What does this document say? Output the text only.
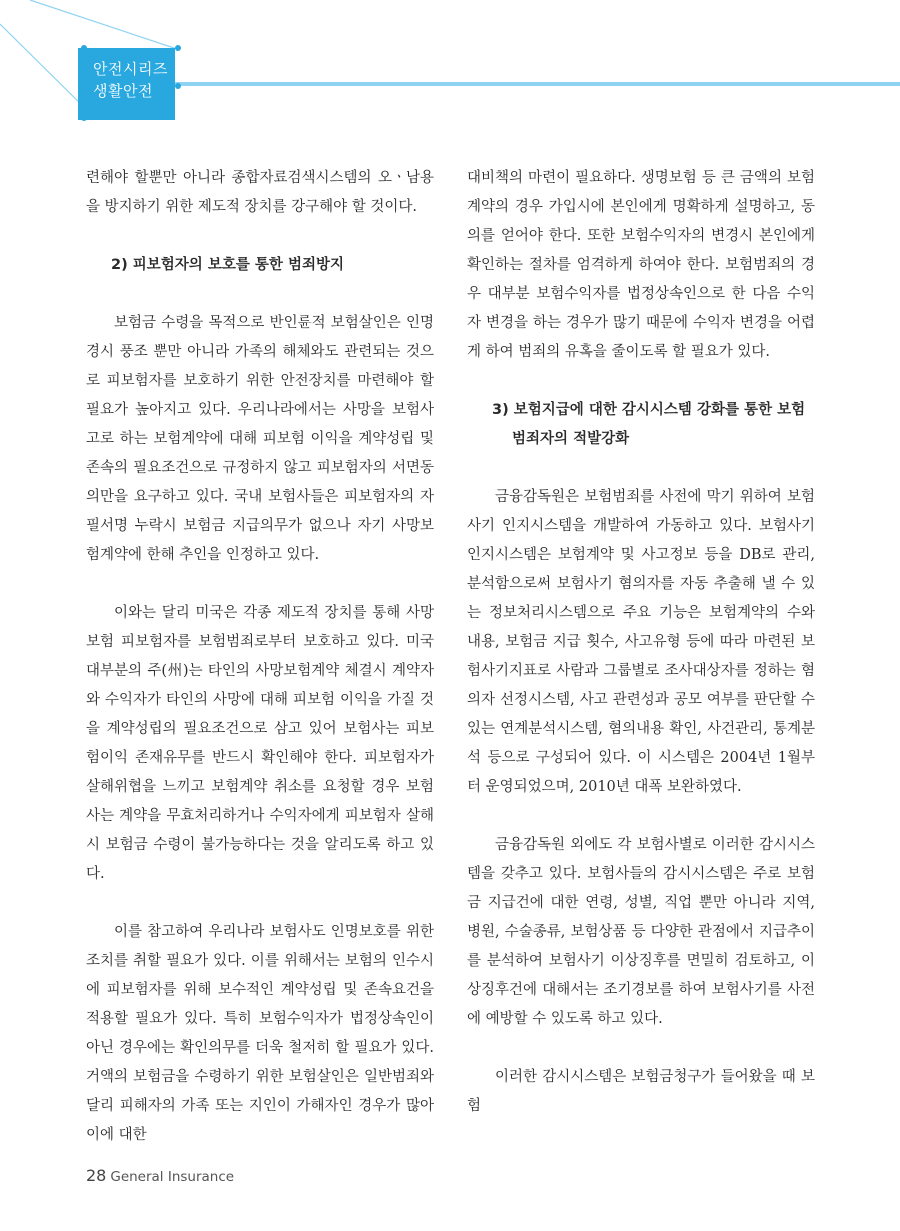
안전시리즈
생활안전

련해야 할뿐만 아니라 종합자료검색시스템의 오ㆍ남용을 방지하기 위한 제도적 장치를 강구해야 할 것이다.

2) 피보험자의 보호를 통한 범죄방지

보험금 수령을 목적으로 반인륜적 보험살인은 인명경시 풍조 뿐만 아니라 가족의 해체와도 관련되는 것으로 피보험자를 보호하기 위한 안전장치를 마련해야 할 필요가 높아지고 있다. 우리나라에서는 사망을 보험사고로 하는 보험계약에 대해 피보험 이익을 계약성립 및 존속의 필요조건으로 규정하지 않고 피보험자의 서면동의만을 요구하고 있다. 국내 보험사들은 피보험자의 자필서명 누락시 보험금 지급의무가 없으나 자기 사망보험계약에 한해 추인을 인정하고 있다.

이와는 달리 미국은 각종 제도적 장치를 통해 사망보험 피보험자를 보험범죄로부터 보호하고 있다. 미국 대부분의 주(州)는 타인의 사망보험계약 체결시 계약자와 수익자가 타인의 사망에 대해 피보험 이익을 가질 것을 계약성립의 필요조건으로 삼고 있어 보험사는 피보험이익 존재유무를 반드시 확인해야 한다. 피보험자가 살해위협을 느끼고 보험계약 취소를 요청할 경우 보험사는 계약을 무효처리하거나 수익자에게 피보험자 살해시 보험금 수령이 불가능하다는 것을 알리도록 하고 있다.

이를 참고하여 우리나라 보험사도 인명보호를 위한 조치를 취할 필요가 있다. 이를 위해서는 보험의 인수시에 피보험자를 위해 보수적인 계약성립 및 존속요건을 적용할 필요가 있다. 특히 보험수익자가 법정상속인이 아닌 경우에는 확인의무를 더욱 철저히 할 필요가 있다. 거액의 보험금을 수령하기 위한 보험살인은 일반범죄와 달리 피해자의 가족 또는 지인이 가해자인 경우가 많아 이에 대한

대비책의 마련이 필요하다. 생명보험 등 큰 금액의 보험계약의 경우 가입시에 본인에게 명확하게 설명하고, 동의를 얻어야 한다. 또한 보험수익자의 변경시 본인에게 확인하는 절차를 엄격하게 하여야 한다. 보험범죄의 경우 대부분 보험수익자를 법정상속인으로 한 다음 수익자 변경을 하는 경우가 많기 때문에 수익자 변경을 어렵게 하여 범죄의 유혹을 줄이도록 할 필요가 있다.

3) 보험지급에 대한 감시시스템 강화를 통한 보험
범죄자의 적발강화

금융감독원은 보험범죄를 사전에 막기 위하여 보험사기 인지시스템을 개발하여 가동하고 있다. 보험사기인지시스템은 보험계약 및 사고정보 등을 DB로 관리, 분석함으로써 보험사기 혐의자를 자동 추출해 낼 수 있는 정보처리시스템으로 주요 기능은 보험계약의 수와 내용, 보험금 지급 횟수, 사고유형 등에 따라 마련된 보험사기지표로 사람과 그룹별로 조사대상자를 정하는 혐의자 선정시스템, 사고 관련성과 공모 여부를 판단할 수 있는 연계분석시스템, 혐의내용 확인, 사건관리, 통계분석 등으로 구성되어 있다. 이 시스템은 2004년 1월부터 운영되었으며, 2010년 대폭 보완하였다.

금융감독원 외에도 각 보험사별로 이러한 감시시스템을 갖추고 있다. 보험사들의 감시시스템은 주로 보험금 지급건에 대한 연령, 성별, 직업 뿐만 아니라 지역, 병원, 수술종류, 보험상품 등 다양한 관점에서 지급추이를 분석하여 보험사기 이상징후를 면밀히 검토하고, 이상징후건에 대해서는 조기경보를 하여 보험사기를 사전에 예방할 수 있도록 하고 있다.

이러한 감시시스템은 보험금청구가 들어왔을 때 보험

28 General Insurance
